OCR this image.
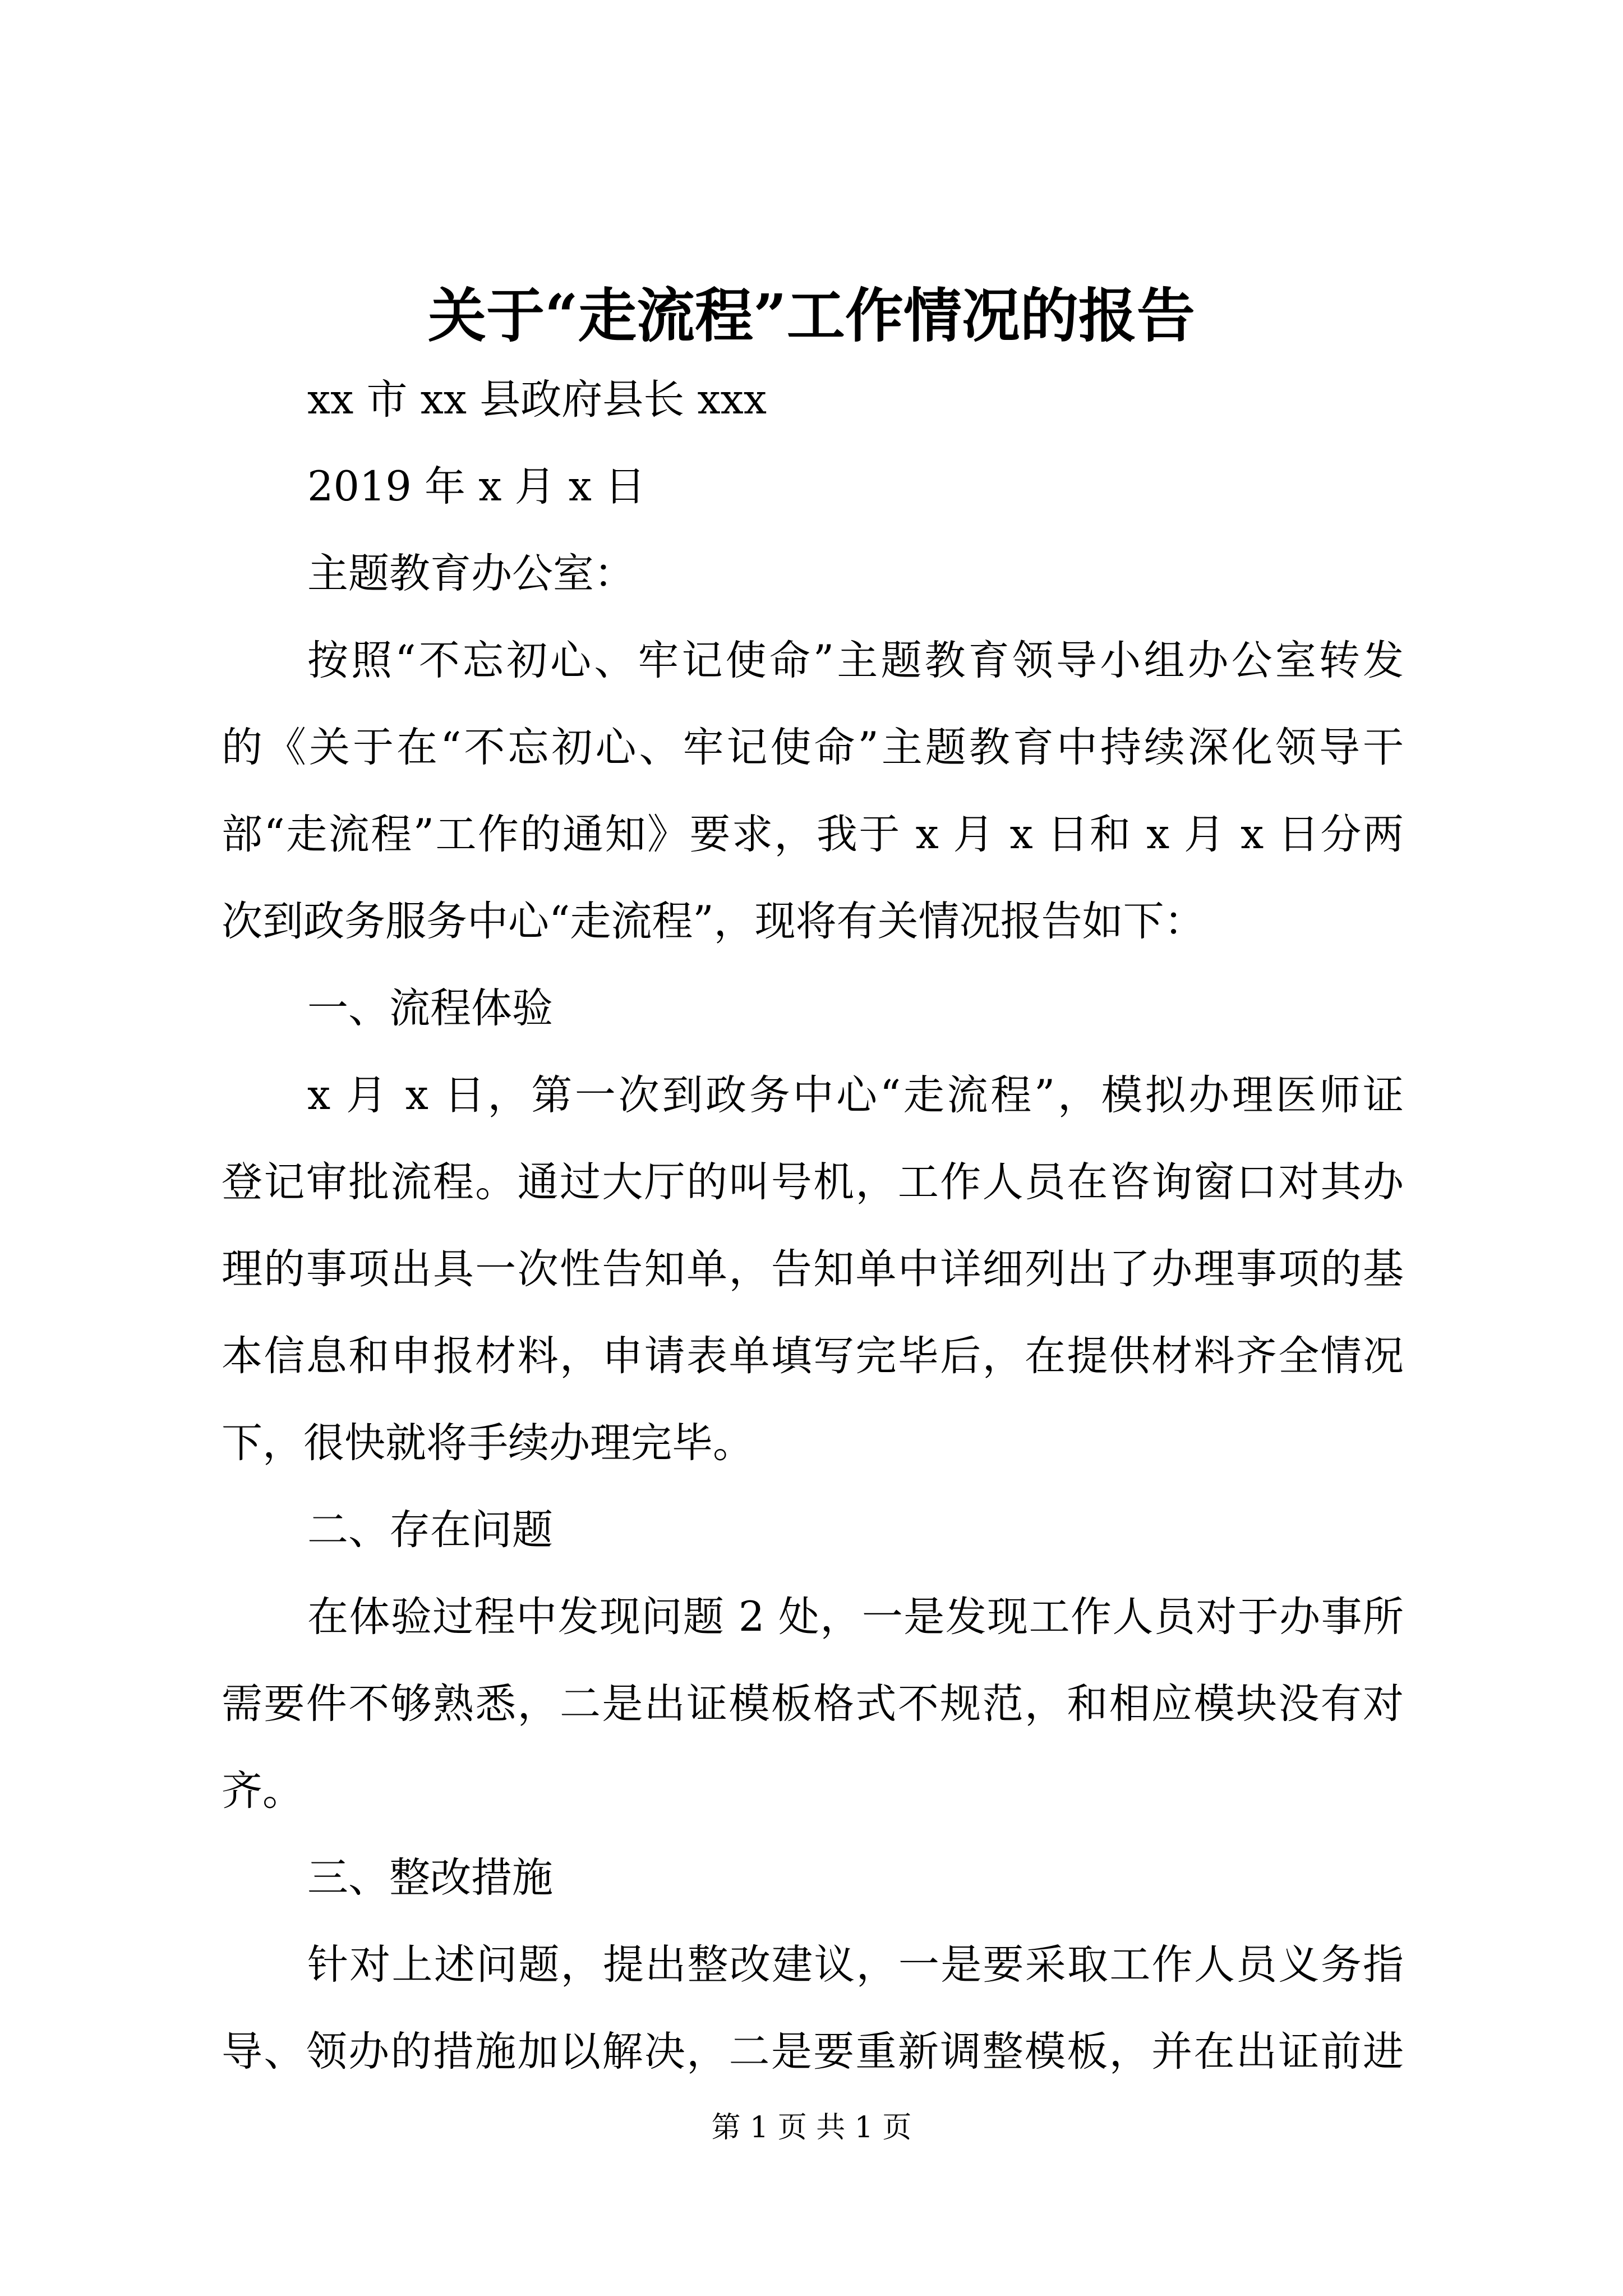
关于“走流程”工作情况的报告
xx 市 xx 县政府县长 xxx
2019 年 x 月 x 日
主题教育办公室：
按照“不忘初心、牢记使命”主题教育领导小组办公室转发
的《关于在“不忘初心、牢记使命”主题教育中持续深化领导干
部“走流程”工作的通知》要求，我于 x 月 x 日和 x 月 x 日分两
次到政务服务中心“走流程”，现将有关情况报告如下：
一、流程体验
x 月 x 日，第一次到政务中心“走流程”，模拟办理医师证
登记审批流程。通过大厅的叫号机，工作人员在咨询窗口对其办
理的事项出具一次性告知单，告知单中详细列出了办理事项的基
本信息和申报材料，申请表单填写完毕后，在提供材料齐全情况
下，很快就将手续办理完毕。
二、存在问题
在体验过程中发现问题 2 处，一是发现工作人员对于办事所
需要件不够熟悉，二是出证模板格式不规范，和相应模块没有对
齐。
三、整改措施
针对上述问题，提出整改建议，一是要采取工作人员义务指
导、领办的措施加以解决，二是要重新调整模板，并在出证前进
第 1 页 共 1 页
